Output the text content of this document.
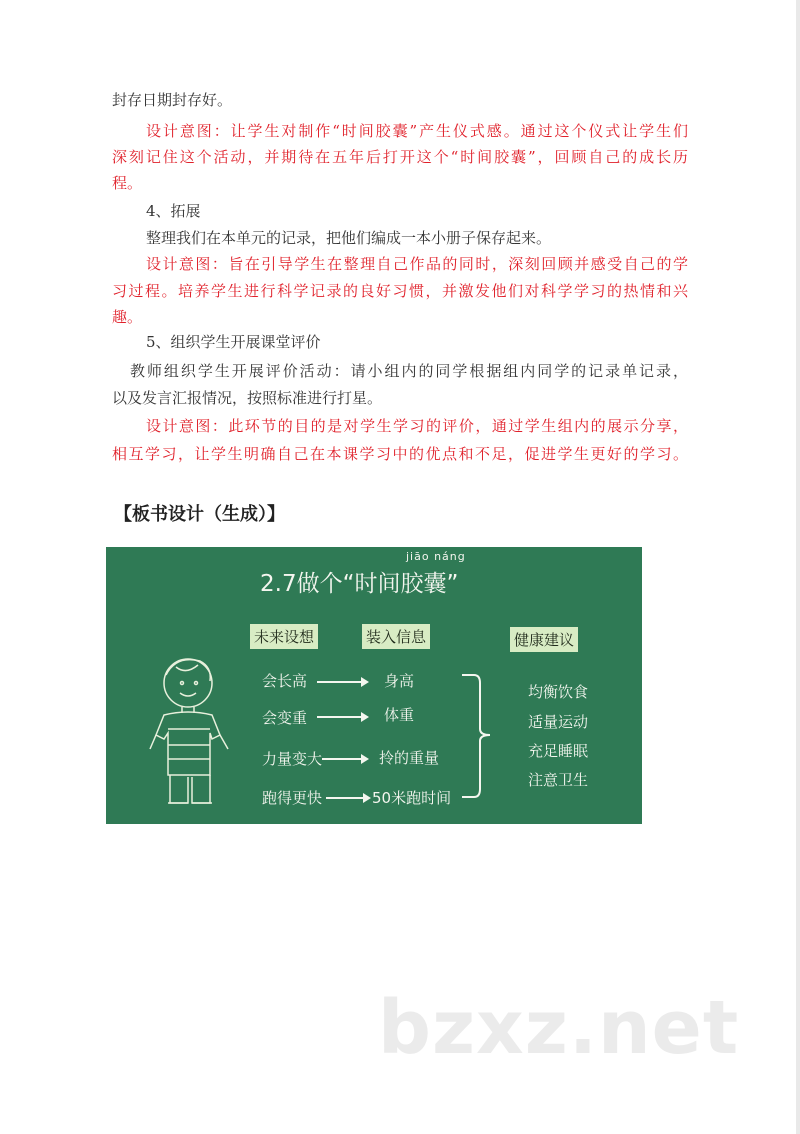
封存日期封存好。
设计意图：让学生对制作“时间胶囊”产生仪式感。通过这个仪式让学生们
深刻记住这个活动，并期待在五年后打开这个“时间胶囊”，回顾自己的成长历
程。
4、拓展
整理我们在本单元的记录，把他们编成一本小册子保存起来。
设计意图：旨在引导学生在整理自己作品的同时，深刻回顾并感受自己的学
习过程。培养学生进行科学记录的良好习惯，并激发他们对科学学习的热情和兴
趣。
5、组织学生开展课堂评价
教师组织学生开展评价活动：请小组内的同学根据组内同学的记录单记录，
以及发言汇报情况，按照标准进行打星。
设计意图：此环节的目的是对学生学习的评价，通过学生组内的展示分享，
相互学习，让学生明确自己在本课学习中的优点和不足，促进学生更好的学习。
【板书设计（生成）】
jiāo náng
2.7做个“时间胶囊”
未来设想	装入信息	健康建议
会长高	身高
会变重	体重
力量变大	拎的重量
跑得更快	50米跑时间
均衡饮食
适量运动
充足睡眠
注意卫生
bzxz.net
